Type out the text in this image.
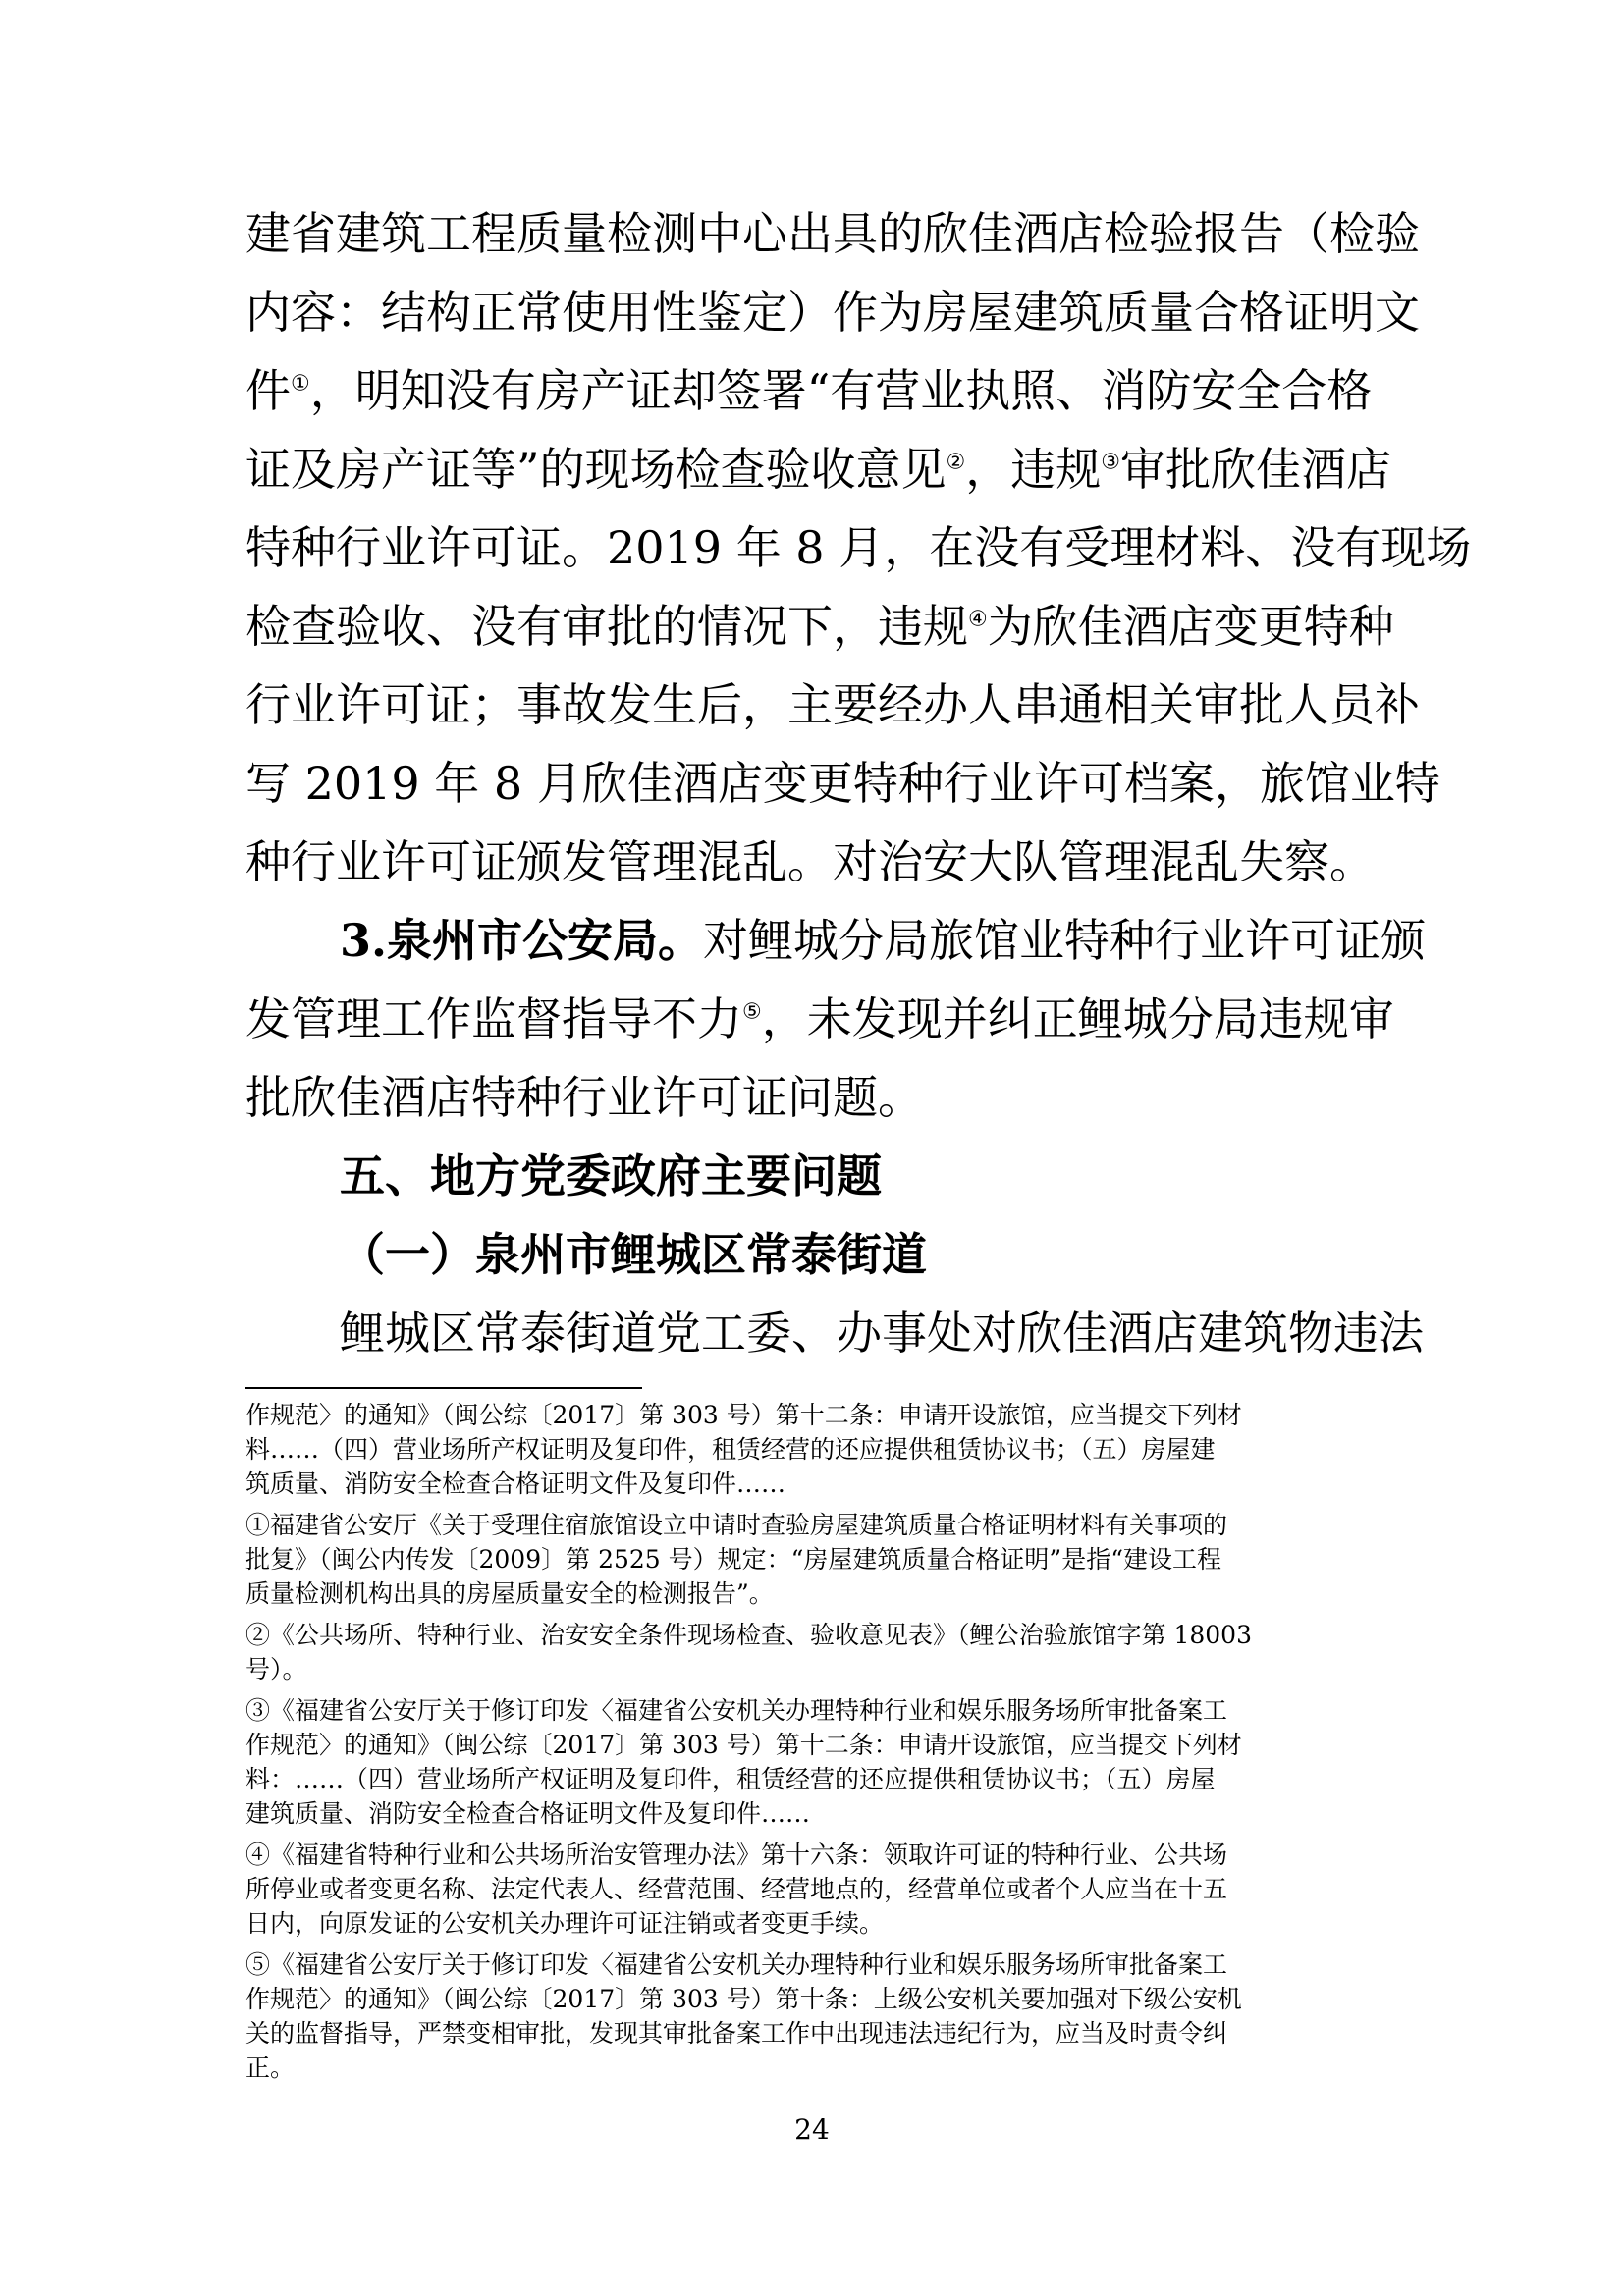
建省建筑工程质量检测中心出具的欣佳酒店检验报告（检验

内容：结构正常使用性鉴定）作为房屋建筑质量合格证明文

件①，明知没有房产证却签署“有营业执照、消防安全合格

证及房产证等”的现场检查验收意见②，违规③审批欣佳酒店

特种行业许可证。2019 年 8 月，在没有受理材料、没有现场

检查验收、没有审批的情况下，违规④为欣佳酒店变更特种

行业许可证；事故发生后，主要经办人串通相关审批人员补

写 2019 年 8 月欣佳酒店变更特种行业许可档案，旅馆业特

种行业许可证颁发管理混乱。对治安大队管理混乱失察。

3.泉州市公安局。对鲤城分局旅馆业特种行业许可证颁

发管理工作监督指导不力⑤，未发现并纠正鲤城分局违规审

批欣佳酒店特种行业许可证问题。

五、地方党委政府主要问题

（一）泉州市鲤城区常泰街道

鲤城区常泰街道党工委、办事处对欣佳酒店建筑物违法

作规范〉的通知》（闽公综〔2017〕第 303 号）第十二条：申请开设旅馆，应当提交下列材

料……（四）营业场所产权证明及复印件，租赁经营的还应提供租赁协议书；（五）房屋建

筑质量、消防安全检查合格证明文件及复印件……

①福建省公安厅《关于受理住宿旅馆设立申请时查验房屋建筑质量合格证明材料有关事项的

批复》（闽公内传发〔2009〕第 2525 号）规定：“房屋建筑质量合格证明”是指“建设工程

质量检测机构出具的房屋质量安全的检测报告”。

②《公共场所、特种行业、治安安全条件现场检查、验收意见表》（鲤公治验旅馆字第 18003

号）。

③《福建省公安厅关于修订印发〈福建省公安机关办理特种行业和娱乐服务场所审批备案工

作规范〉的通知》（闽公综〔2017〕第 303 号）第十二条：申请开设旅馆，应当提交下列材

料：……（四）营业场所产权证明及复印件，租赁经营的还应提供租赁协议书；（五）房屋

建筑质量、消防安全检查合格证明文件及复印件……

④《福建省特种行业和公共场所治安管理办法》第十六条：领取许可证的特种行业、公共场

所停业或者变更名称、法定代表人、经营范围、经营地点的，经营单位或者个人应当在十五

日内，向原发证的公安机关办理许可证注销或者变更手续。

⑤《福建省公安厅关于修订印发〈福建省公安机关办理特种行业和娱乐服务场所审批备案工

作规范〉的通知》（闽公综〔2017〕第 303 号）第十条：上级公安机关要加强对下级公安机

关的监督指导，严禁变相审批，发现其审批备案工作中出现违法违纪行为，应当及时责令纠

正。

24
